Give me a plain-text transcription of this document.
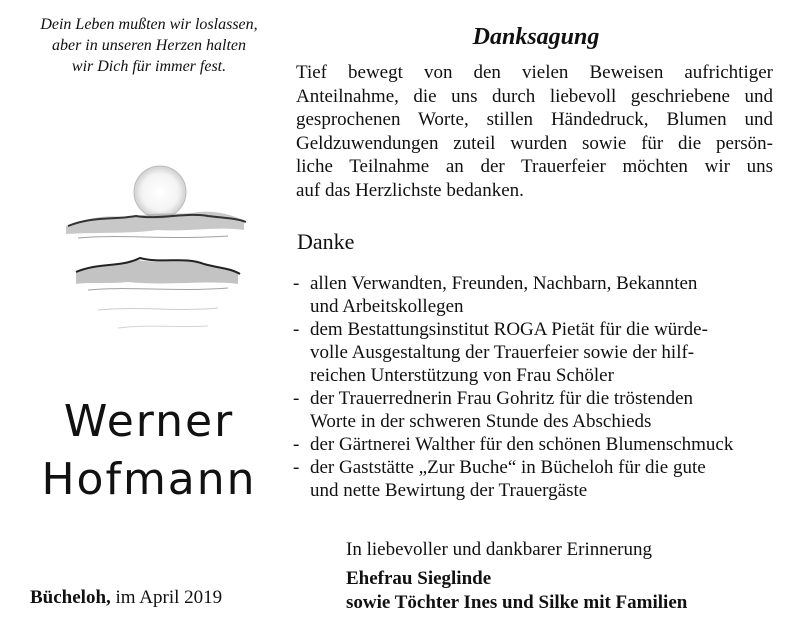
Dein Leben mußten wir loslassen,
aber in unseren Herzen halten
wir Dich für immer fest.
Werner
Hofmann
Bücheloh, im April 2019
Danksagung
Tief bewegt von den vielen Beweisen aufrichtiger
Anteilnahme, die uns durch liebevoll geschriebene und
gesprochenen Worte, stillen Händedruck, Blumen und
Geldzuwendungen zuteil wurden sowie für die persön-
liche Teilnahme an der Trauerfeier möchten wir uns
auf das Herzlichste bedanken.
Danke
- allen Verwandten, Freunden, Nachbarn, Bekannten
und Arbeitskollegen
- dem Bestattungsinstitut ROGA Pietät für die würde-
volle Ausgestaltung der Trauerfeier sowie der hilf-
reichen Unterstützung von Frau Schöler
- der Trauerrednerin Frau Gohritz für die tröstenden
Worte in der schweren Stunde des Abschieds
- der Gärtnerei Walther für den schönen Blumenschmuck
- der Gaststätte „Zur Buche“ in Bücheloh für die gute
und nette Bewirtung der Trauergäste
In liebevoller und dankbarer Erinnerung
Ehefrau Sieglinde
sowie Töchter Ines und Silke mit Familien
